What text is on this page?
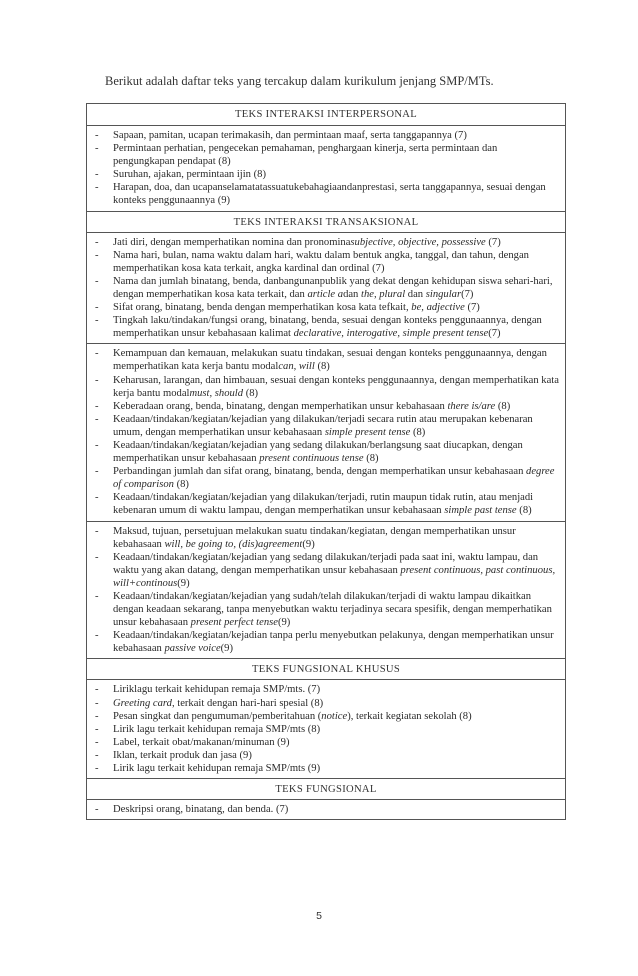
Berikut adalah daftar teks yang tercakup dalam kurikulum jenjang SMP/MTs.
TEKS INTERAKSI INTERPERSONAL
- Sapaan, pamitan, ucapan terimakasih, dan permintaan maaf, serta tanggapannya (7)
- Permintaan perhatian, pengecekan pemahaman, penghargaan kinerja, serta permintaan dan pengungkapan pendapat (8)
- Suruhan, ajakan, permintaan ijin (8)
- Harapan, doa, dan ucapanselamatatassuatukebahagiaandanprestasi, serta tanggapannya, sesuai dengan konteks penggunaannya (9)
TEKS INTERAKSI TRANSAKSIONAL
- Jati diri, dengan memperhatikan nomina dan pronominasubjective, objective, possessive (7)
- Nama hari, bulan, nama waktu dalam hari, waktu dalam bentuk angka, tanggal, dan tahun, dengan memperhatikan kosa kata terkait, angka kardinal dan ordinal (7)
- Nama dan jumlah binatang, benda, danbangunanpublik yang dekat dengan kehidupan siswa sehari-hari, dengan memperhatikan kosa kata terkait, dan article adan the, plural dan singular(7)
- Sifat orang, binatang, benda dengan memperhatikan kosa kata tefkait, be, adjective (7)
- Tingkah laku/tindakan/fungsi orang, binatang, benda, sesuai dengan konteks penggunaannya, dengan memperhatikan unsur kebahasaan kalimat declarative, interogative, simple present tense(7)
- Kemampuan dan kemauan, melakukan suatu tindakan, sesuai dengan konteks penggunaannya, dengan memperhatikan kata kerja bantu modalcan, will (8)
- Keharusan, larangan, dan himbauan, sesuai dengan konteks penggunaannya, dengan memperhatikan kata kerja bantu modalmust, should (8)
- Keberadaan orang, benda, binatang, dengan memperhatikan unsur kebahasaan there is/are (8)
- Keadaan/tindakan/kegiatan/kejadian yang dilakukan/terjadi secara rutin atau merupakan kebenaran umum, dengan memperhatikan unsur kebahasaan simple present tense (8)
- Keadaan/tindakan/kegiatan/kejadian yang sedang dilakukan/berlangsung saat diucapkan, dengan memperhatikan unsur kebahasaan present continuous tense (8)
- Perbandingan jumlah dan sifat orang, binatang, benda, dengan memperhatikan unsur kebahasaan degree of comparison (8)
- Keadaan/tindakan/kegiatan/kejadian yang dilakukan/terjadi, rutin maupun tidak rutin, atau menjadi kebenaran umum di waktu lampau, dengan memperhatikan unsur kebahasaan simple past tense (8)
- Maksud, tujuan, persetujuan melakukan suatu tindakan/kegiatan, dengan memperhatikan unsur kebahasaan will, be going to, (dis)agreement(9)
- Keadaan/tindakan/kegiatan/kejadian yang sedang dilakukan/terjadi pada saat ini, waktu lampau, dan waktu yang akan datang, dengan memperhatikan unsur kebahasaan present continuous, past continuous, will+continous(9)
- Keadaan/tindakan/kegiatan/kejadian yang sudah/telah dilakukan/terjadi di waktu lampau dikaitkan dengan keadaan sekarang, tanpa menyebutkan waktu terjadinya secara spesifik, dengan memperhatikan unsur kebahasaan present perfect tense(9)
- Keadaan/tindakan/kegiatan/kejadian tanpa perlu menyebutkan pelakunya, dengan memperhatikan unsur kebahasaan passive voice(9)
TEKS FUNGSIONAL KHUSUS
- Liriklagu terkait kehidupan remaja SMP/mts. (7)
- Greeting card, terkait dengan hari-hari spesial (8)
- Pesan singkat dan pengumuman/pemberitahuan (notice), terkait kegiatan sekolah (8)
- Lirik lagu terkait kehidupan remaja SMP/mts (8)
- Label, terkait obat/makanan/minuman (9)
- Iklan, terkait produk dan jasa (9)
- Lirik lagu terkait kehidupan remaja SMP/mts (9)
TEKS FUNGSIONAL
- Deskripsi orang, binatang, dan benda. (7)
5
